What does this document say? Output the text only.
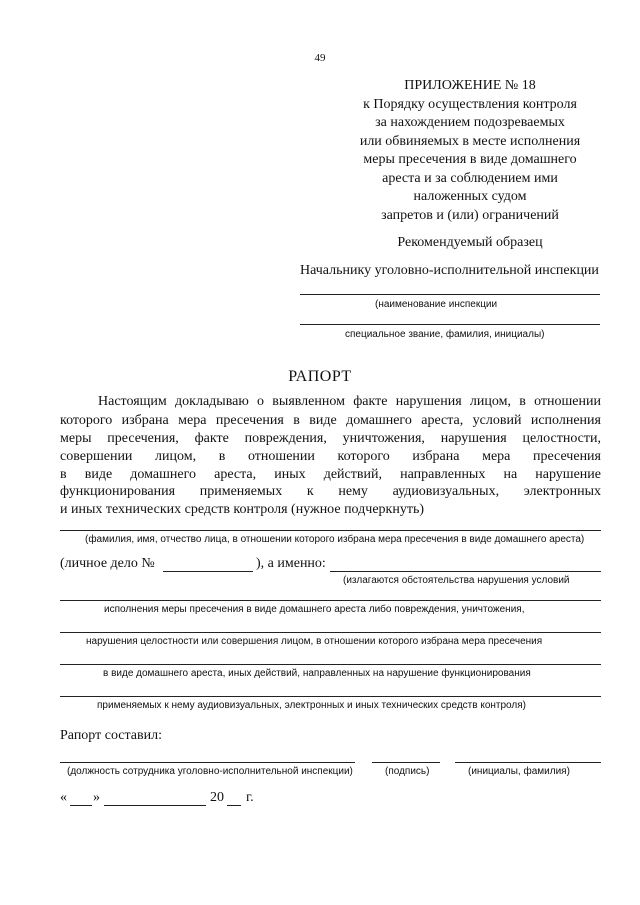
49
ПРИЛОЖЕНИЕ № 18
к Порядку осуществления контроля
за нахождением подозреваемых
или обвиняемых в месте исполнения
меры пресечения в виде домашнего
ареста и за соблюдением ими
наложенных судом
запретов и (или) ограничений
Рекомендуемый образец
Начальнику уголовно-исполнительной инспекции
(наименование инспекции
специальное звание, фамилия, инициалы)
РАПОРТ
Настоящим докладываю о выявленном факте нарушения лицом, в отношении
которого избрана мера пресечения в виде домашнего ареста, условий исполнения
меры пресечения, факте повреждения, уничтожения, нарушения целостности,
совершении лицом, в отношении которого избрана мера пресечения
в виде домашнего ареста, иных действий, направленных на нарушение
функционирования применяемых к нему аудиовизуальных, электронных
и иных технических средств контроля (нужное подчеркнуть)
(фамилия, имя, отчество лица, в отношении которого избрана мера пресечения в виде домашнего ареста)
(личное дело №	), а именно:
(излагаются обстоятельства нарушения условий
исполнения меры пресечения в виде домашнего ареста либо повреждения, уничтожения,
нарушения целостности или совершения лицом, в отношении которого избрана мера пресечения
в виде домашнего ареста, иных действий, направленных на нарушение функционирования
применяемых к нему аудиовизуальных, электронных и иных технических средств контроля)
Рапорт составил:
(должность сотрудника уголовно-исполнительной инспекции)	(подпись)	(инициалы, фамилия)
« »	20 г.
